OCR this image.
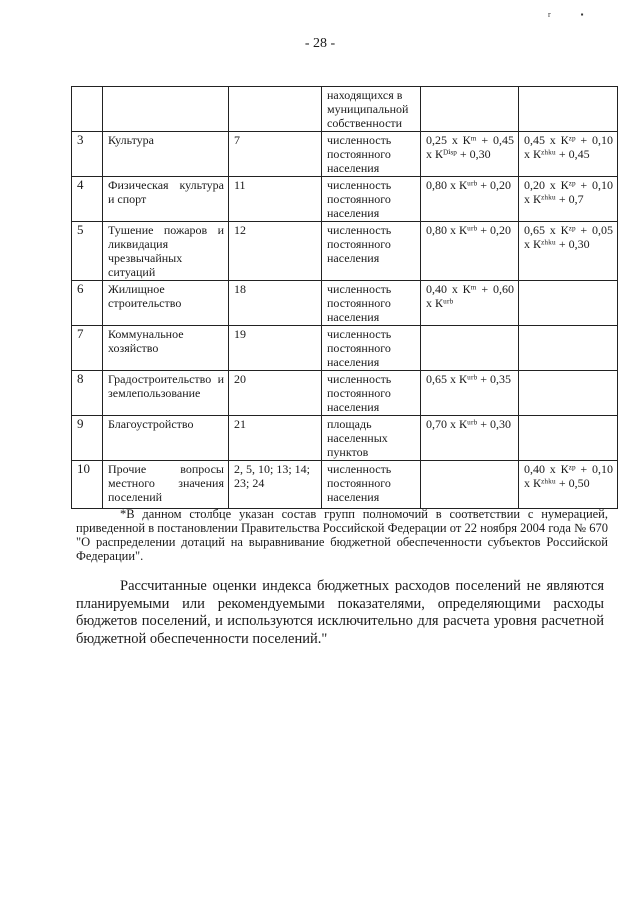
- 28 -
r ▪
			находящихся в муниципальной собственности		
3	Культура	7	численность постоянного населения	0,25 х Кᵐ + 0,45 х Кᴰⁱˢᵖ + 0,30	0,45 х Кᶻᵖ + 0,10 х Кᶻʰᵏᵘ + 0,45
4	Физическая культура и спорт	11	численность постоянного населения	0,80 х Кᵘʳᵇ + 0,20	0,20 х Кᶻᵖ + 0,10 х Кᶻʰᵏᵘ + 0,7
5	Тушение пожаров и ликвидация чрезвычайных ситуаций	12	численность постоянного населения	0,80 х Кᵘʳᵇ + 0,20	0,65 х Кᶻᵖ + 0,05 х Кᶻʰᵏᵘ + 0,30
6	Жилищное строительство	18	численность постоянного населения	0,40 х Кᵐ + 0,60 х Кᵘʳᵇ	
7	Коммунальное хозяйство	19	численность постоянного населения		
8	Градостроительство и землепользование	20	численность постоянного населения	0,65 х Кᵘʳᵇ + 0,35	
9	Благоустройство	21	площадь населенных пунктов	0,70 х Кᵘʳᵇ + 0,30	
10	Прочие вопросы местного значения поселений	2, 5, 10; 13; 14; 23; 24	численность постоянного населения		0,40 х Кᶻᵖ + 0,10 х Кᶻʰᵏᵘ + 0,50
*В данном столбце указан состав групп полномочий в соответствии с нумерацией, приведенной в постановлении Правительства Российской Федерации от 22 ноября 2004 года № 670 "О распределении дотаций на выравнивание бюджетной обеспеченности субъектов Российской Федерации".
Рассчитанные оценки индекса бюджетных расходов поселений не являются планируемыми или рекомендуемыми показателями, определяющими расходы бюджетов поселений, и используются исключительно для расчета уровня расчетной бюджетной обеспеченности поселений."
